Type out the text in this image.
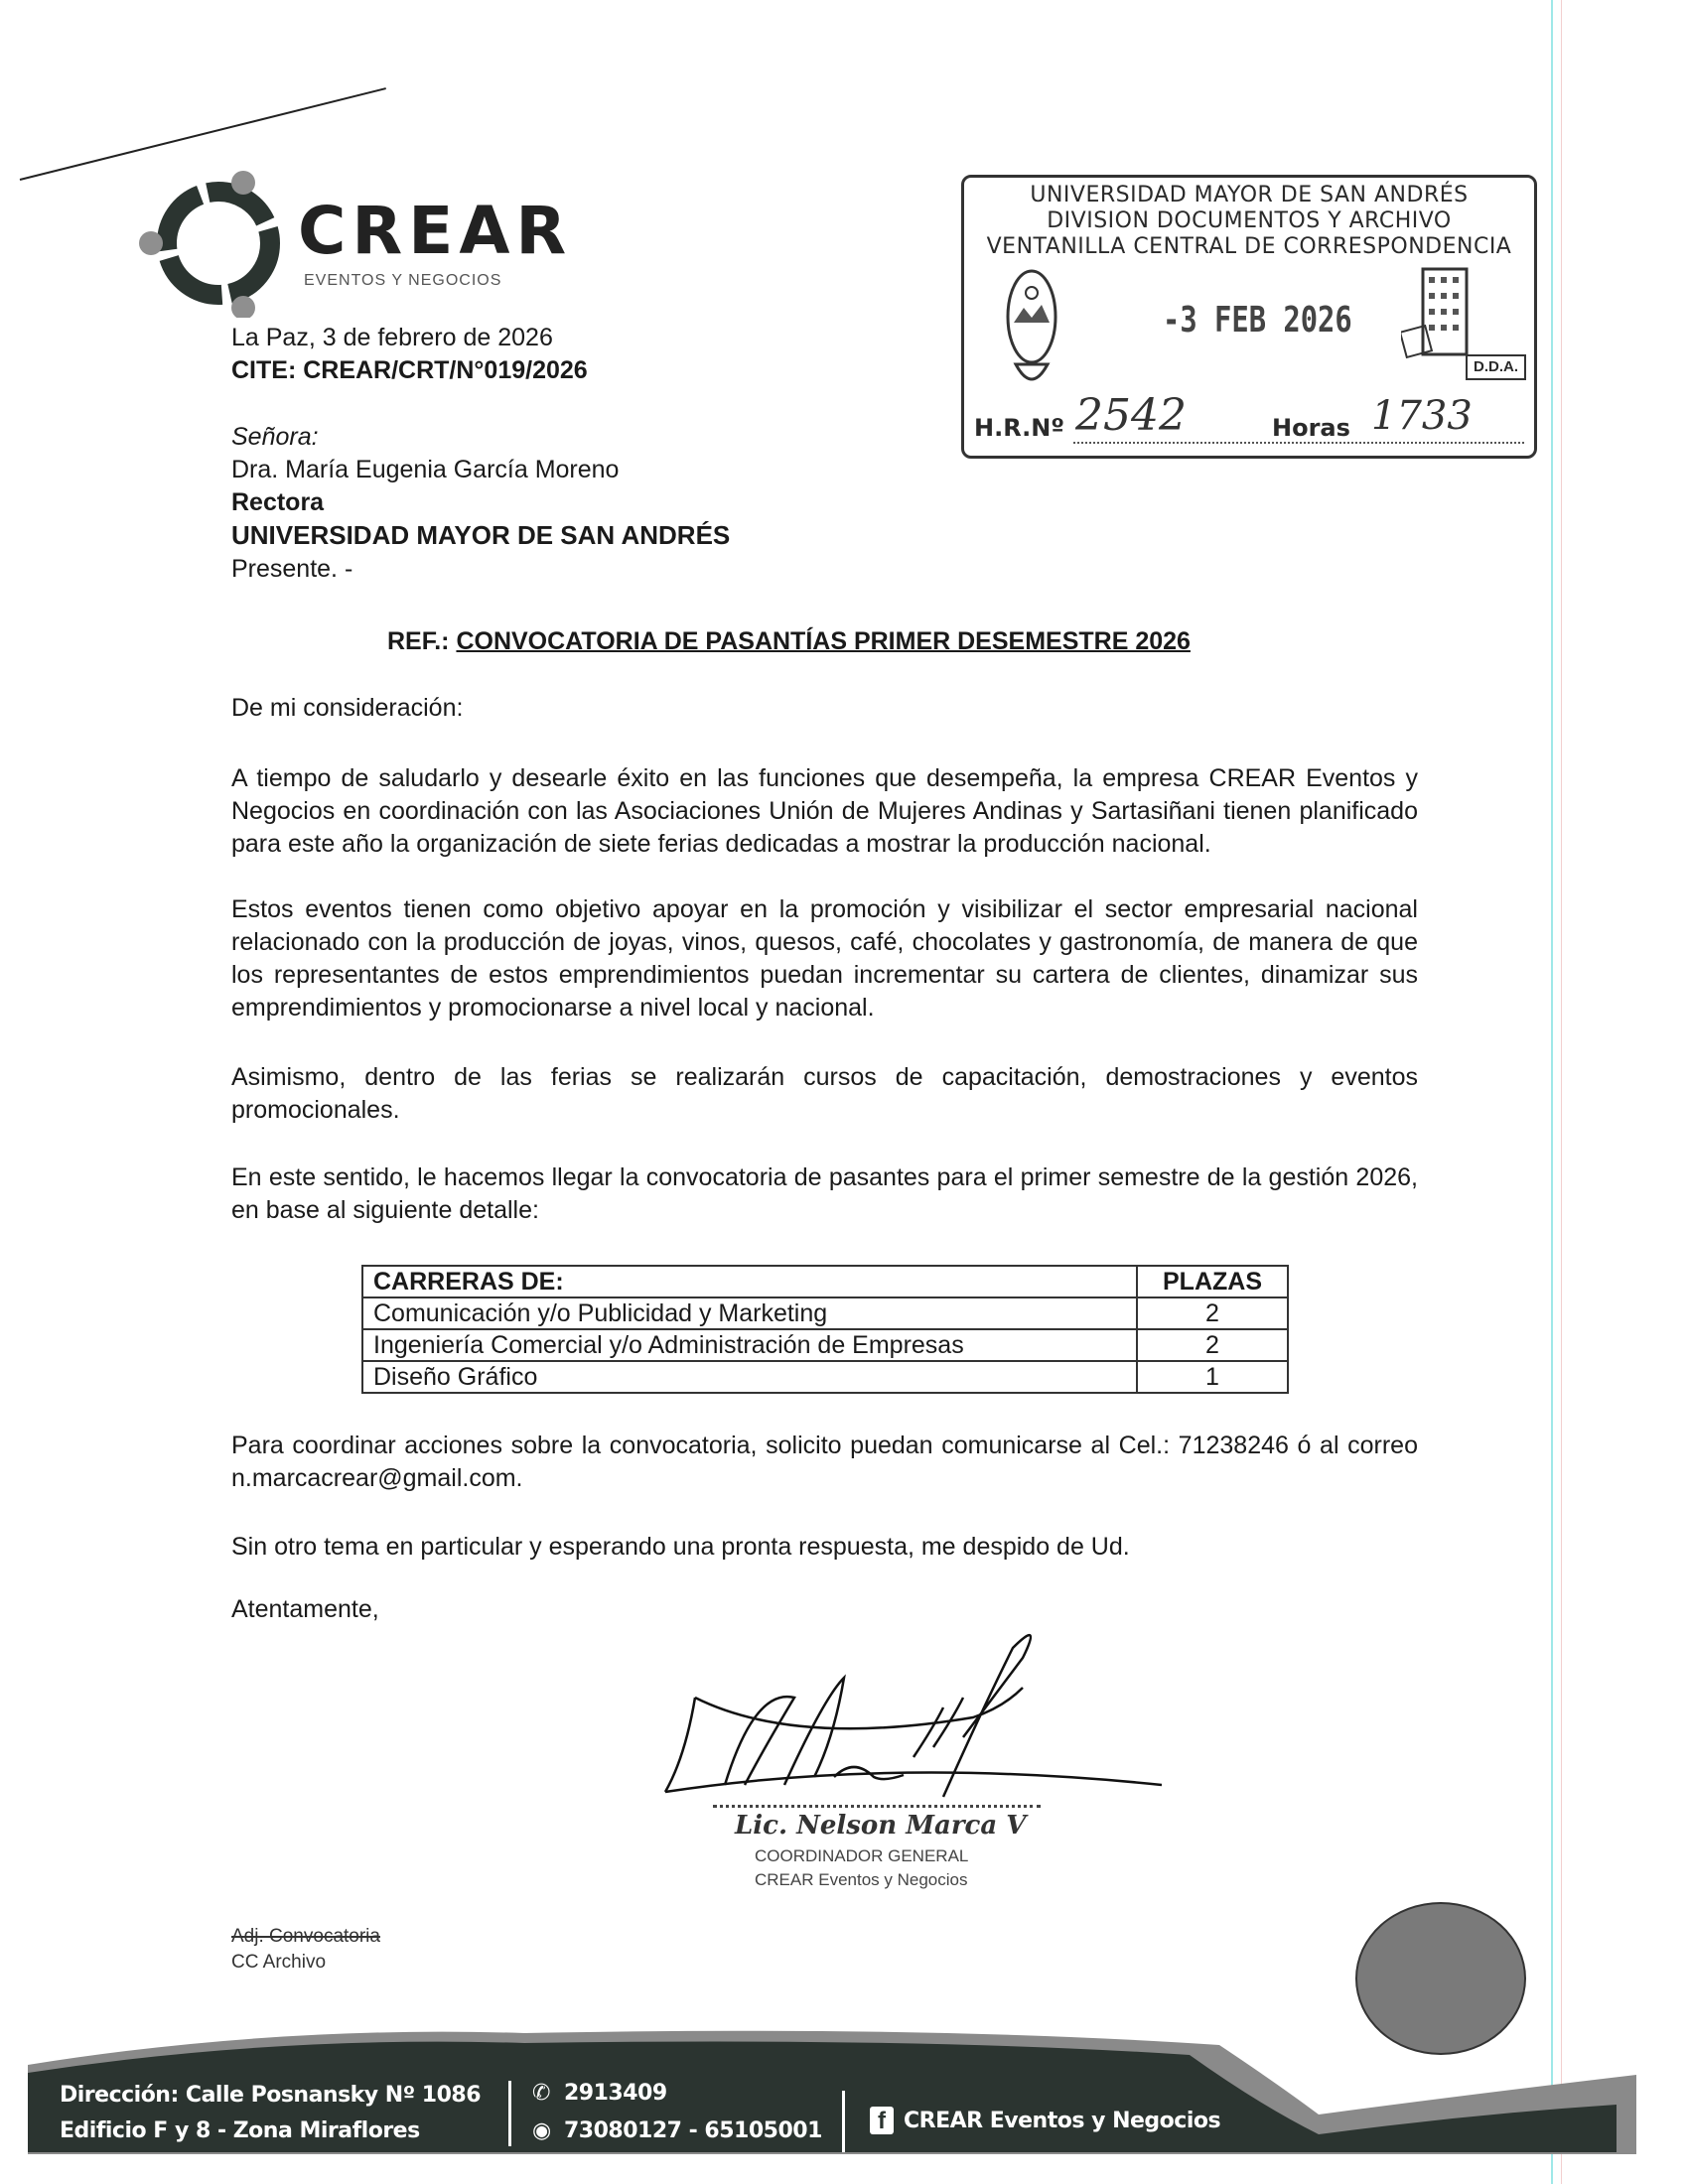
CREAR
EVENTOS Y NEGOCIOS
UNIVERSIDAD MAYOR DE SAN ANDRÉS
DIVISION DOCUMENTOS Y ARCHIVO
VENTANILLA CENTRAL DE CORRESPONDENCIA
-3 FEB 2026
D.D.A.
H.R.Nº 2542	Horas 1733
La Paz, 3 de febrero de 2026
CITE: CREAR/CRT/N°019/2026
Señora:
Dra. María Eugenia García Moreno
Rectora
UNIVERSIDAD MAYOR DE SAN ANDRÉS
Presente. -
REF.: CONVOCATORIA DE PASANTÍAS PRIMER DESEMESTRE 2026
De mi consideración:
A tiempo de saludarlo y desearle éxito en las funciones que desempeña, la empresa CREAR Eventos y Negocios en coordinación con las Asociaciones Unión de Mujeres Andinas y Sartasiñani tienen planificado para este año la organización de siete ferias dedicadas a mostrar la producción nacional.
Estos eventos tienen como objetivo apoyar en la promoción y visibilizar el sector empresarial nacional relacionado con la producción de joyas, vinos, quesos, café, chocolates y gastronomía, de manera de que los representantes de estos emprendimientos puedan incrementar su cartera de clientes, dinamizar sus emprendimientos y promocionarse a nivel local y nacional.
Asimismo, dentro de las ferias se realizarán cursos de capacitación, demostraciones y eventos promocionales.
En este sentido, le hacemos llegar la convocatoria de pasantes para el primer semestre de la gestión 2026, en base al siguiente detalle:
CARRERAS DE:	PLAZAS
Comunicación y/o Publicidad y Marketing	2
Ingeniería Comercial y/o Administración de Empresas	2
Diseño Gráfico	1
Para coordinar acciones sobre la convocatoria, solicito puedan comunicarse al Cel.: 71238246 ó al correo n.marcacrear@gmail.com.
Sin otro tema en particular y esperando una pronta respuesta, me despido de Ud.
Atentamente,
Lic. Nelson Marca V
COORDINADOR GENERAL
CREAR Eventos y Negocios
Adj. Convocatoria
CC Archivo
Dirección: Calle Posnansky Nº 1086
Edificio F y 8 - Zona Miraflores
✆ 2913409
◉ 73080127 - 65105001	f CREAR Eventos y Negocios
